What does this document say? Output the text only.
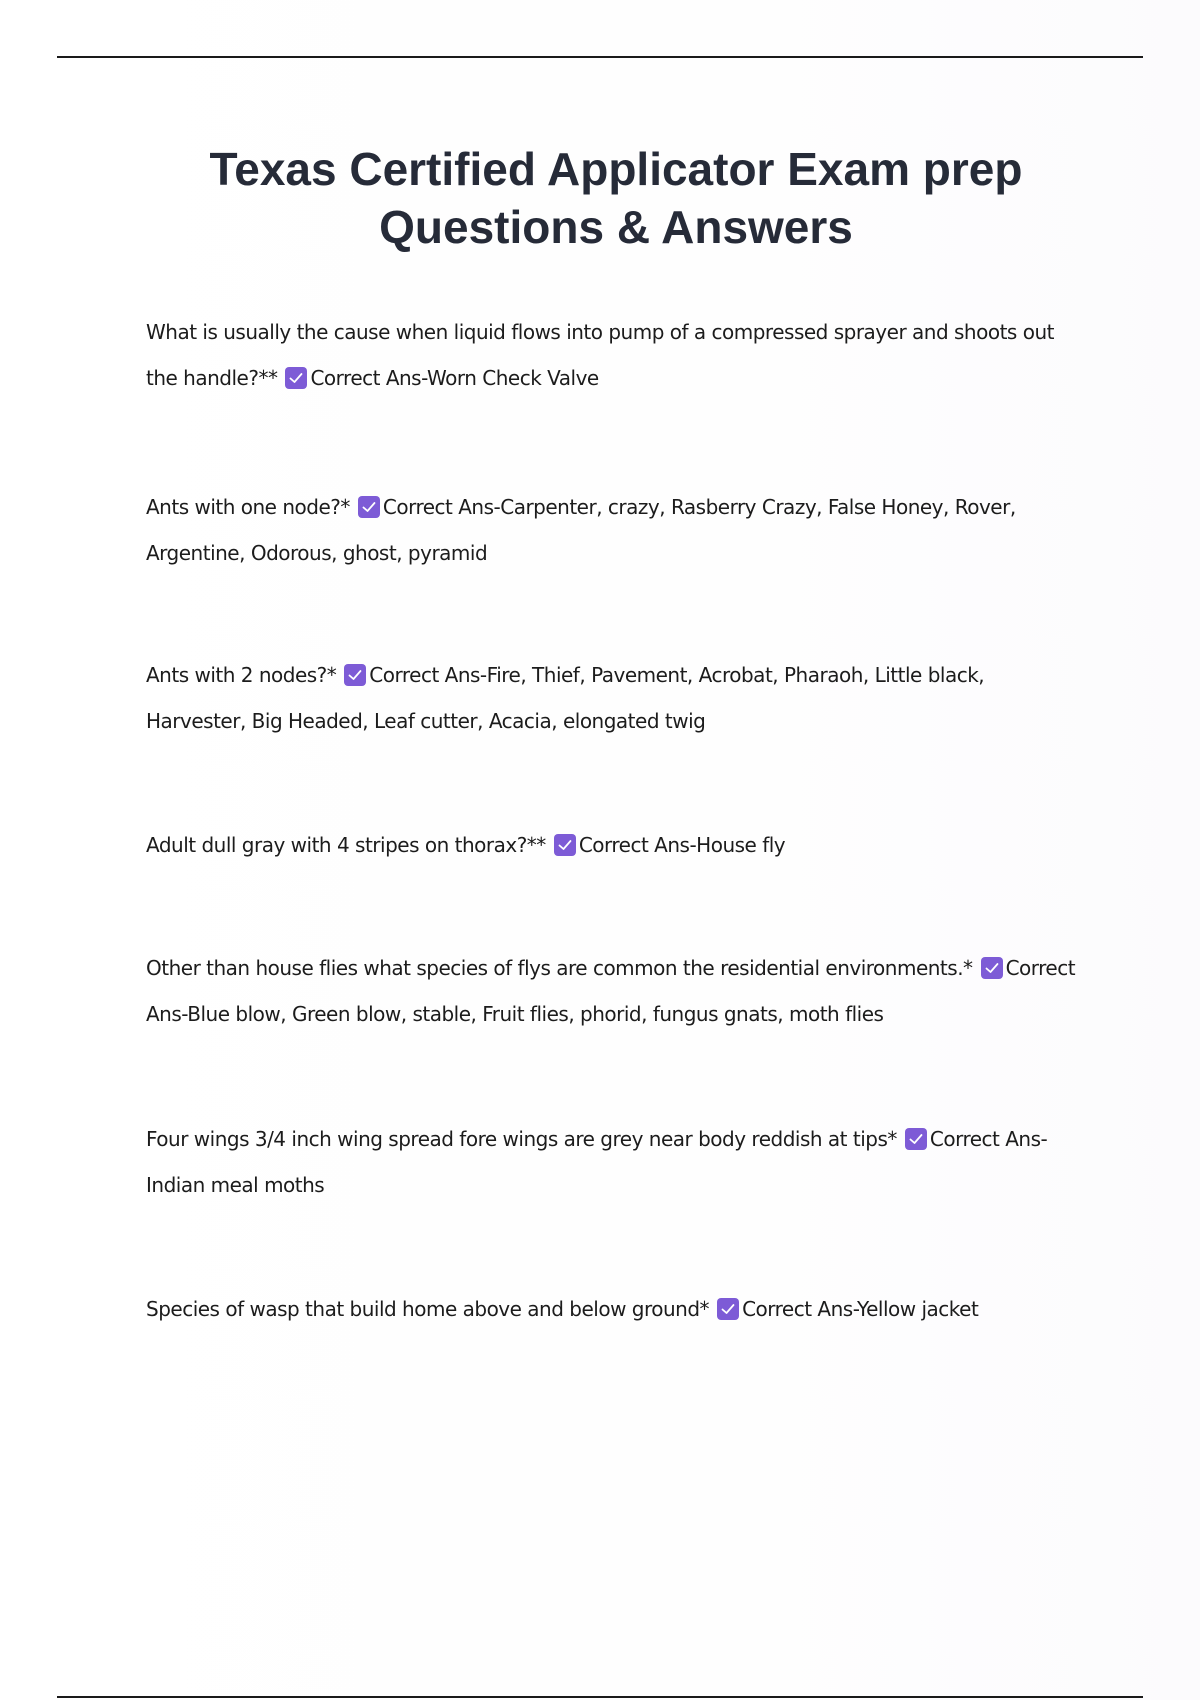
Texas Certified Applicator Exam prep Questions & Answers

What is usually the cause when liquid flows into pump of a compressed sprayer and shoots out the handle?** Correct Ans-Worn Check Valve

Ants with one node?* Correct Ans-Carpenter, crazy, Rasberry Crazy, False Honey, Rover, Argentine, Odorous, ghost, pyramid

Ants with 2 nodes?* Correct Ans-Fire, Thief, Pavement, Acrobat, Pharaoh, Little black, Harvester, Big Headed, Leaf cutter, Acacia, elongated twig

Adult dull gray with 4 stripes on thorax?** Correct Ans-House fly

Other than house flies what species of flys are common the residential environments.* Correct Ans-Blue blow, Green blow, stable, Fruit flies, phorid, fungus gnats, moth flies

Four wings 3/4 inch wing spread fore wings are grey near body reddish at tips* Correct Ans-Indian meal moths

Species of wasp that build home above and below ground* Correct Ans-Yellow jacket
